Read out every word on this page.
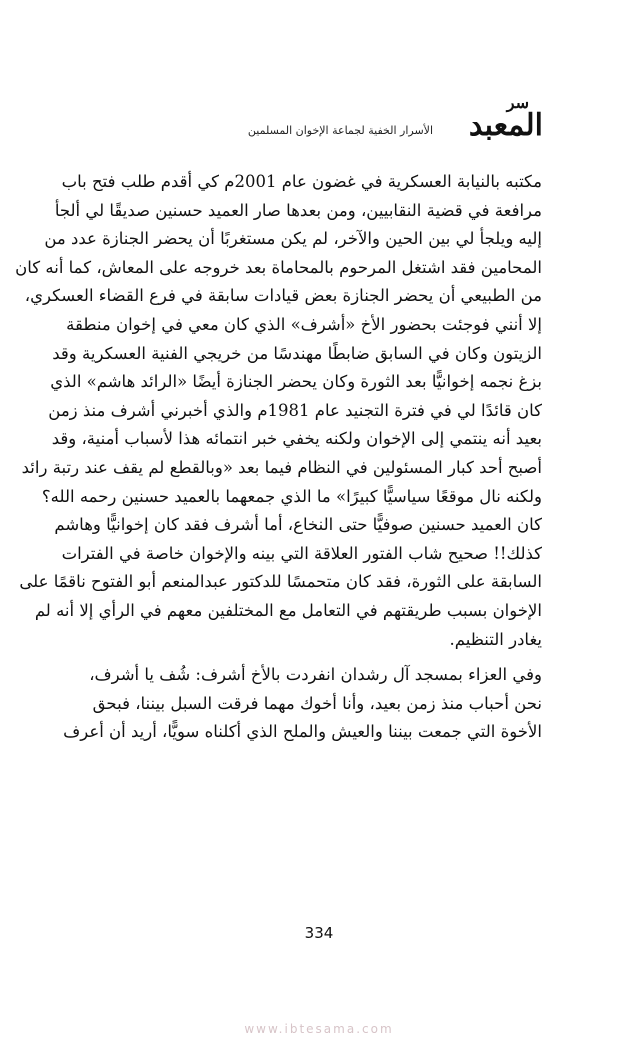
سر
المعبد
الأسرار الخفية لجماعة الإخوان المسلمين
مكتبه بالنيابة العسكرية في غضون عام 2001م كي أقدم طلب فتح باب
مرافعة في قضية النقابيين، ومن بعدها صار العميد حسنين صديقًا لي ألجأ
إليه ويلجأ لي بين الحين والآخر، لم يكن مستغربًا أن يحضر الجنازة عدد من
المحامين فقد اشتغل المرحوم بالمحاماة بعد خروجه على المعاش، كما أنه كان
من الطبيعي أن يحضر الجنازة بعض قيادات سابقة في فرع القضاء العسكري،
إلا أنني فوجئت بحضور الأخ «أشرف» الذي كان معي في إخوان منطقة
الزيتون وكان في السابق ضابطًا مهندسًا من خريجي الفنية العسكرية وقد
بزغ نجمه إخوانيًّا بعد الثورة وكان يحضر الجنازة أيضًا «الرائد هاشم» الذي
كان قائدًا لي في فترة التجنيد عام 1981م والذي أخبرني أشرف منذ زمن
بعيد أنه ينتمي إلى الإخوان ولكنه يخفي خبر انتمائه هذا لأسباب أمنية، وقد
أصبح أحد كبار المسئولين في النظام فيما بعد «وبالقطع لم يقف عند رتبة رائد
ولكنه نال موقعًا سياسيًّا كبيرًا» ما الذي جمعهما بالعميد حسنين رحمه الله؟
كان العميد حسنين صوفيًّا حتى النخاع، أما أشرف فقد كان إخوانيًّا وهاشم
كذلك!! صحيح شاب الفتور العلاقة التي بينه والإخوان خاصة في الفترات
السابقة على الثورة، فقد كان متحمسًا للدكتور عبدالمنعم أبو الفتوح ناقمًا على
الإخوان بسبب طريقتهم في التعامل مع المختلفين معهم في الرأي إلا أنه لم
يغادر التنظيم.
وفي العزاء بمسجد آل رشدان انفردت بالأخ أشرف: شُف يا أشرف،
نحن أحباب منذ زمن بعيد، وأنا أخوك مهما فرقت السبل بيننا، فبحق
الأخوة التي جمعت بيننا والعيش والملح الذي أكلناه سويًّا، أريد أن أعرف
334
www.ibtesama.com
